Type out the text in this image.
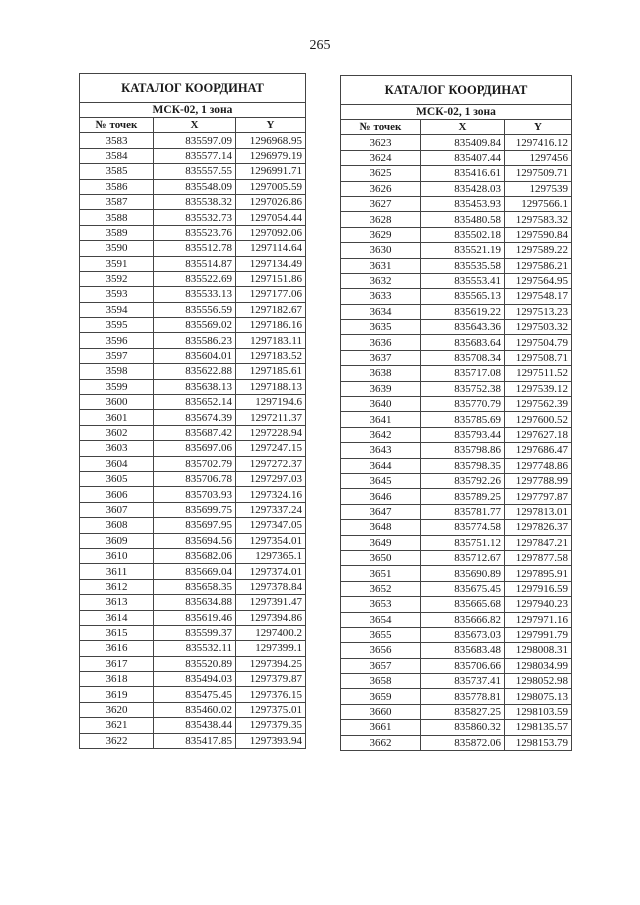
265
КАТАЛОГ КООРДИНАТ		
МСК-02, 1 зона		
№ точек	X	Y
3583	835597.09	1296968.95
3584	835577.14	1296979.19
3585	835557.55	1296991.71
3586	835548.09	1297005.59
3587	835538.32	1297026.86
3588	835532.73	1297054.44
3589	835523.76	1297092.06
3590	835512.78	1297114.64
3591	835514.87	1297134.49
3592	835522.69	1297151.86
3593	835533.13	1297177.06
3594	835556.59	1297182.67
3595	835569.02	1297186.16
3596	835586.23	1297183.11
3597	835604.01	1297183.52
3598	835622.88	1297185.61
3599	835638.13	1297188.13
3600	835652.14	1297194.6
3601	835674.39	1297211.37
3602	835687.42	1297228.94
3603	835697.06	1297247.15
3604	835702.79	1297272.37
3605	835706.78	1297297.03
3606	835703.93	1297324.16
3607	835699.75	1297337.24
3608	835697.95	1297347.05
3609	835694.56	1297354.01
3610	835682.06	1297365.1
3611	835669.04	1297374.01
3612	835658.35	1297378.84
3613	835634.88	1297391.47
3614	835619.46	1297394.86
3615	835599.37	1297400.2
3616	835532.11	1297399.1
3617	835520.89	1297394.25
3618	835494.03	1297379.87
3619	835475.45	1297376.15
3620	835460.02	1297375.01
3621	835438.44	1297379.35
3622	835417.85	1297393.94
КАТАЛОГ КООРДИНАТ		
МСК-02, 1 зона		
№ точек	X	Y
3623	835409.84	1297416.12
3624	835407.44	1297456
3625	835416.61	1297509.71
3626	835428.03	1297539
3627	835453.93	1297566.1
3628	835480.58	1297583.32
3629	835502.18	1297590.84
3630	835521.19	1297589.22
3631	835535.58	1297586.21
3632	835553.41	1297564.95
3633	835565.13	1297548.17
3634	835619.22	1297513.23
3635	835643.36	1297503.32
3636	835683.64	1297504.79
3637	835708.34	1297508.71
3638	835717.08	1297511.52
3639	835752.38	1297539.12
3640	835770.79	1297562.39
3641	835785.69	1297600.52
3642	835793.44	1297627.18
3643	835798.86	1297686.47
3644	835798.35	1297748.86
3645	835792.26	1297788.99
3646	835789.25	1297797.87
3647	835781.77	1297813.01
3648	835774.58	1297826.37
3649	835751.12	1297847.21
3650	835712.67	1297877.58
3651	835690.89	1297895.91
3652	835675.45	1297916.59
3653	835665.68	1297940.23
3654	835666.82	1297971.16
3655	835673.03	1297991.79
3656	835683.48	1298008.31
3657	835706.66	1298034.99
3658	835737.41	1298052.98
3659	835778.81	1298075.13
3660	835827.25	1298103.59
3661	835860.32	1298135.57
3662	835872.06	1298153.79
